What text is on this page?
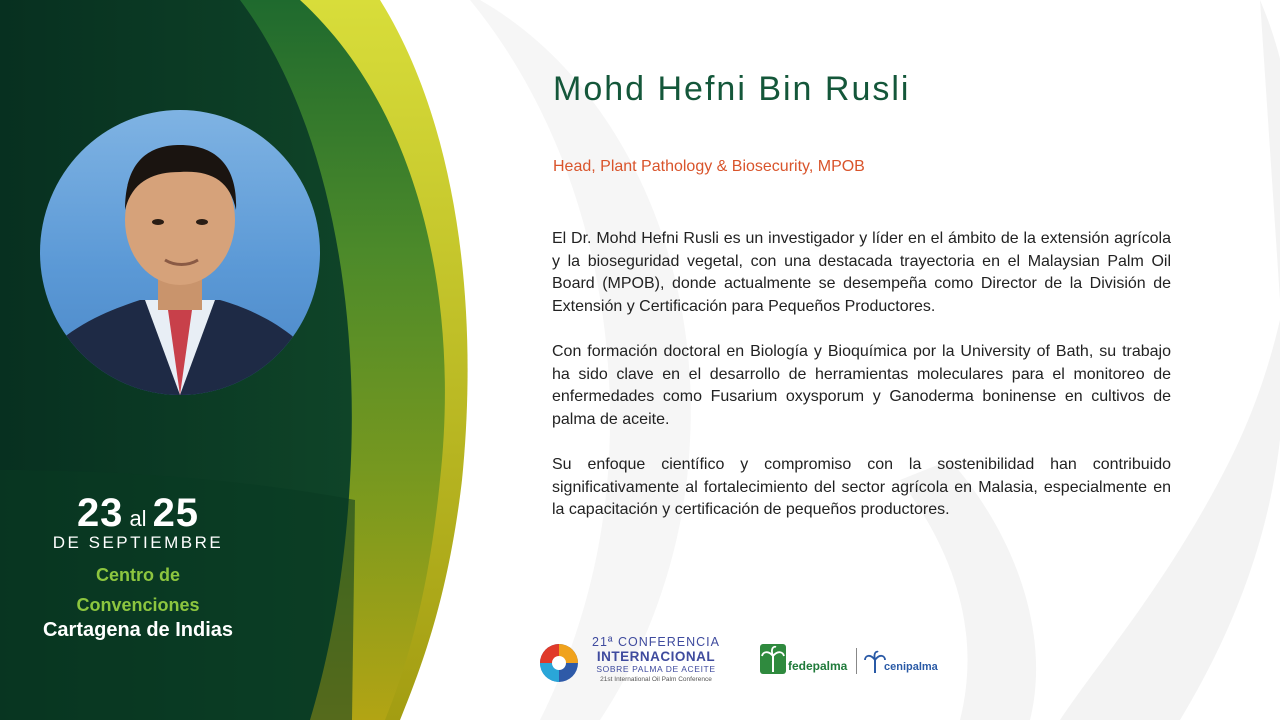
23 al 25
DE SEPTIEMBRE
Centro de
Convenciones
Cartagena de Indias
Mohd Hefni Bin Rusli
Head, Plant Pathology & Biosecurity, MPOB

El Dr. Mohd Hefni Rusli es un investigador y líder en el ámbito de la extensión agrícola y la bioseguridad vegetal, con una destacada trayectoria en el Malaysian Palm Oil Board (MPOB), donde actualmente se desempeña como Director de la División de Extensión y Certificación para Pequeños Productores.

Con formación doctoral en Biología y Bioquímica por la University of Bath, su trabajo ha sido clave en el desarrollo de herramientas moleculares para el monitoreo de enfermedades como Fusarium oxysporum y Ganoderma boninense en cultivos de palma de aceite.

Su enfoque científico y compromiso con la sostenibilidad han contribuido significativamente al fortalecimiento del sector agrícola en Malasia, especialmente en la capacitación y certificación de pequeños productores.

21ª CONFERENCIA
INTERNACIONAL
SOBRE PALMA DE ACEITE
21st International Oil Palm Conference
fedepalma	cenipalma
